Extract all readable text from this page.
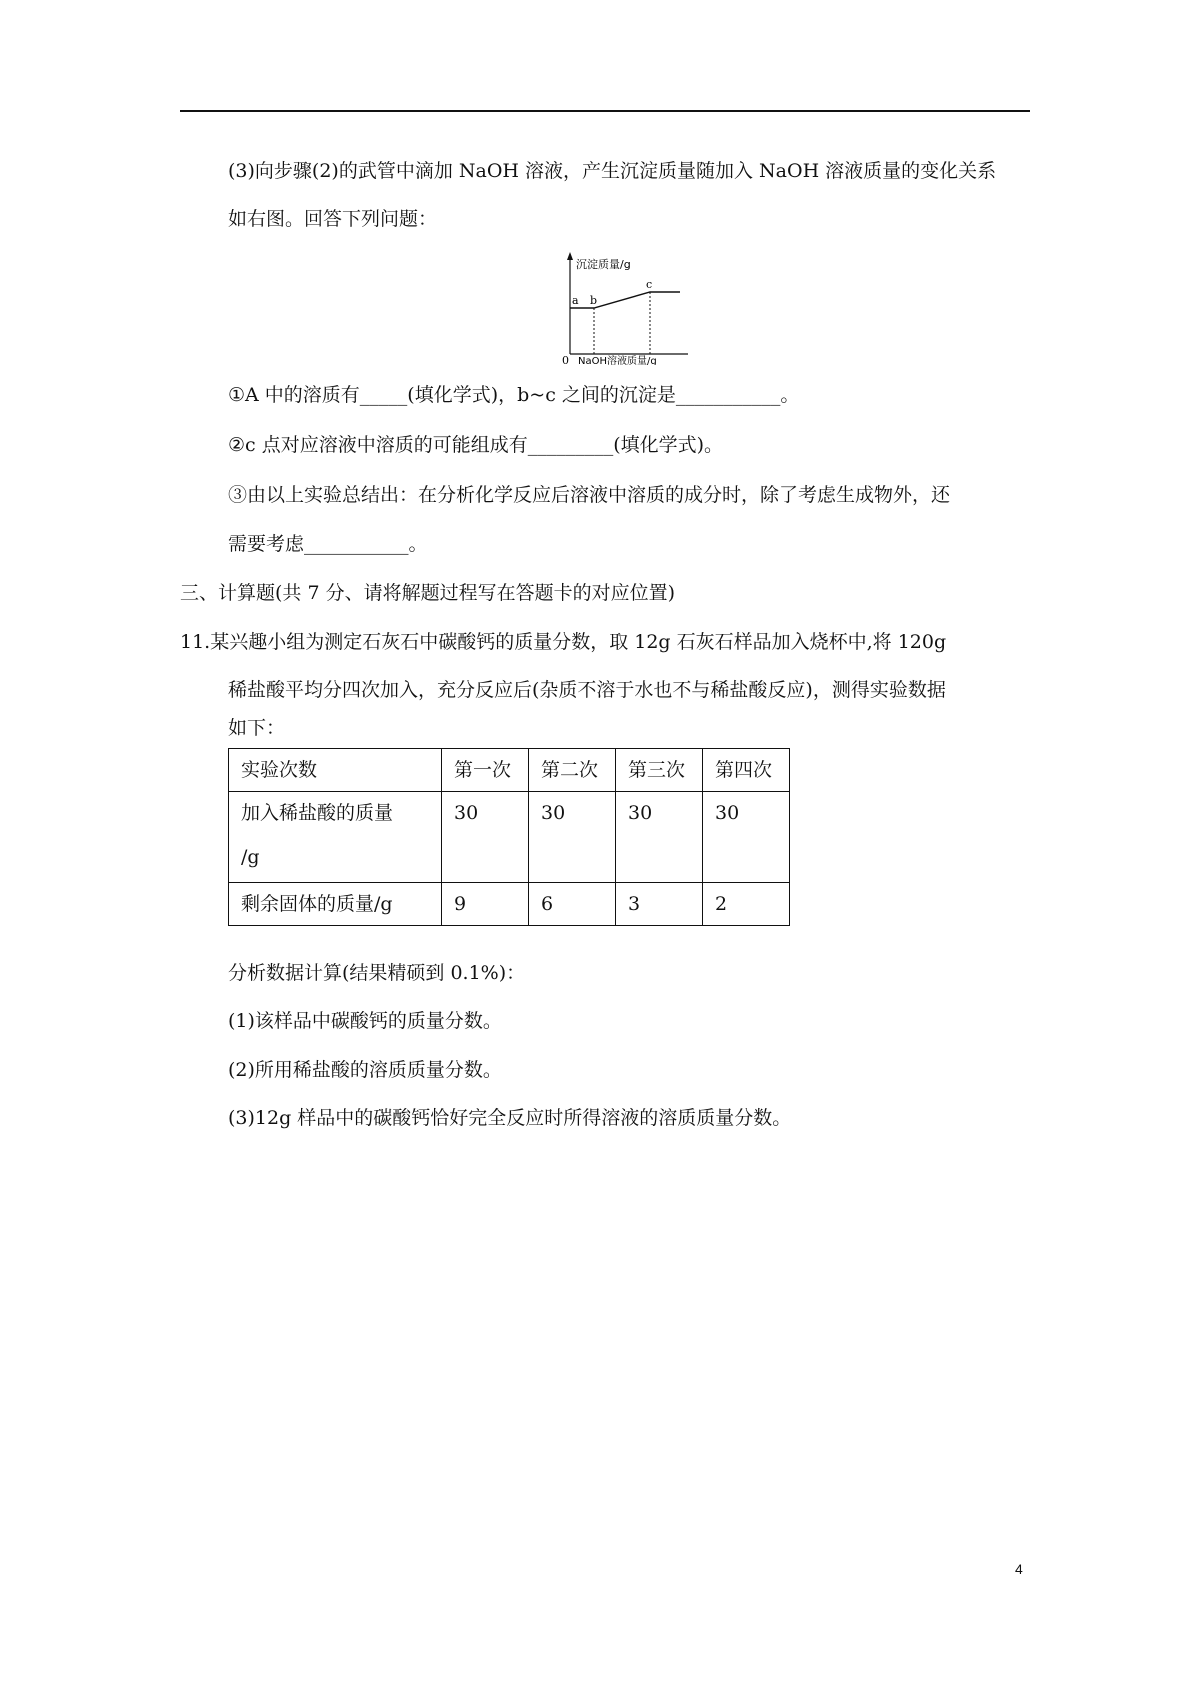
(3)向步骤(2)的武管中滴加 NaOH 溶液，产生沉淀质量随加入 NaOH 溶液质量的变化关系
如右图。回答下列问题：
沉淀质量/g
a b
c
0 NaOH溶液质量/g
①A 中的溶质有_____(填化学式)，b~c 之间的沉淀是___________。
②c 点对应溶液中溶质的可能组成有_________(填化学式)。
③由以上实验总结出：在分析化学反应后溶液中溶质的成分时，除了考虑生成物外，还
需要考虑___________。
三、计算题(共 7 分、请将解题过程写在答题卡的对应位置)
11.某兴趣小组为测定石灰石中碳酸钙的质量分数，取 12g 石灰石样品加入烧杯中,将 120g
稀盐酸平均分四次加入，充分反应后(杂质不溶于水也不与稀盐酸反应)，测得实验数据
如下：
实验次数	第一次	第二次	第三次	第四次

加入稀盐酸的质量
/g	30	30	30	30
剩余固体的质量/g	9	6	3	2
分析数据计算(结果精硕到 0.1%)：
(1)该样品中碳酸钙的质量分数。
(2)所用稀盐酸的溶质质量分数。
(3)12g 样品中的碳酸钙恰好完全反应时所得溶液的溶质质量分数。
4
